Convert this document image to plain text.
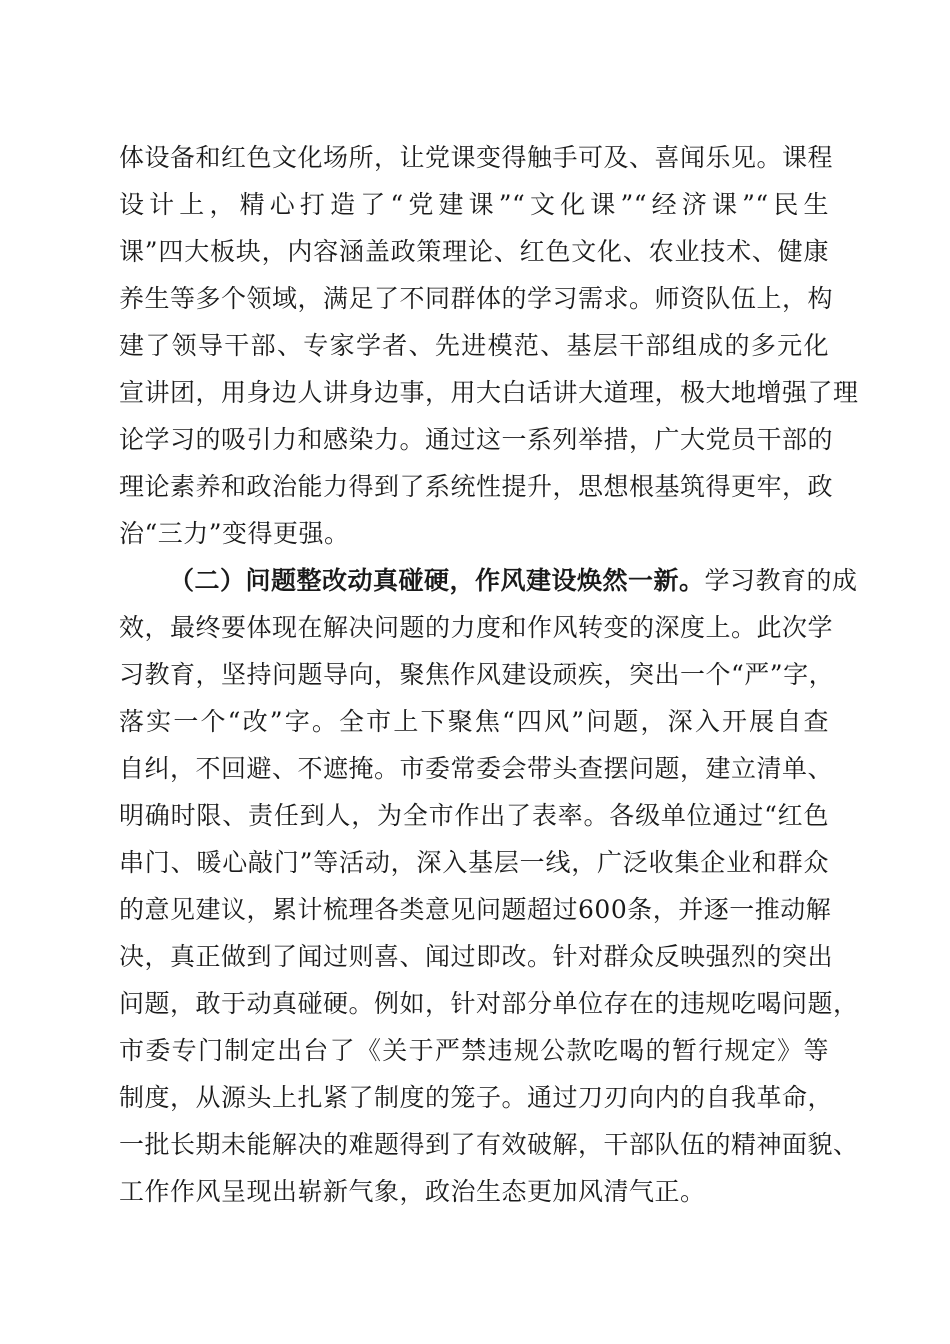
体设备和红色文化场所，让党课变得触手可及、喜闻乐见。课程
设计上，精心打造了“党建课”“文化课”“经济课”“民生
课”四大板块，内容涵盖政策理论、红色文化、农业技术、健康
养生等多个领域，满足了不同群体的学习需求。师资队伍上，构
建了领导干部、专家学者、先进模范、基层干部组成的多元化
宣讲团，用身边人讲身边事，用大白话讲大道理，极大地增强了理
论学习的吸引力和感染力。通过这一系列举措，广大党员干部的
理论素养和政治能力得到了系统性提升，思想根基筑得更牢，政
治“三力”变得更强。
（二）问题整改动真碰硬，作风建设焕然一新。学习教育的成
效，最终要体现在解决问题的力度和作风转变的深度上。此次学
习教育，坚持问题导向，聚焦作风建设顽疾，突出一个“严”字，
落实一个“改”字。全市上下聚焦“四风”问题，深入开展自查
自纠，不回避、不遮掩。市委常委会带头查摆问题，建立清单、
明确时限、责任到人，为全市作出了表率。各级单位通过“红色
串门、暖心敲门”等活动，深入基层一线，广泛收集企业和群众
的意见建议，累计梳理各类意见问题超过600条，并逐一推动解
决，真正做到了闻过则喜、闻过即改。针对群众反映强烈的突出
问题，敢于动真碰硬。例如，针对部分单位存在的违规吃喝问题，
市委专门制定出台了《关于严禁违规公款吃喝的暂行规定》等
制度，从源头上扎紧了制度的笼子。通过刀刃向内的自我革命，
一批长期未能解决的难题得到了有效破解，干部队伍的精神面貌、
工作作风呈现出崭新气象，政治生态更加风清气正。
